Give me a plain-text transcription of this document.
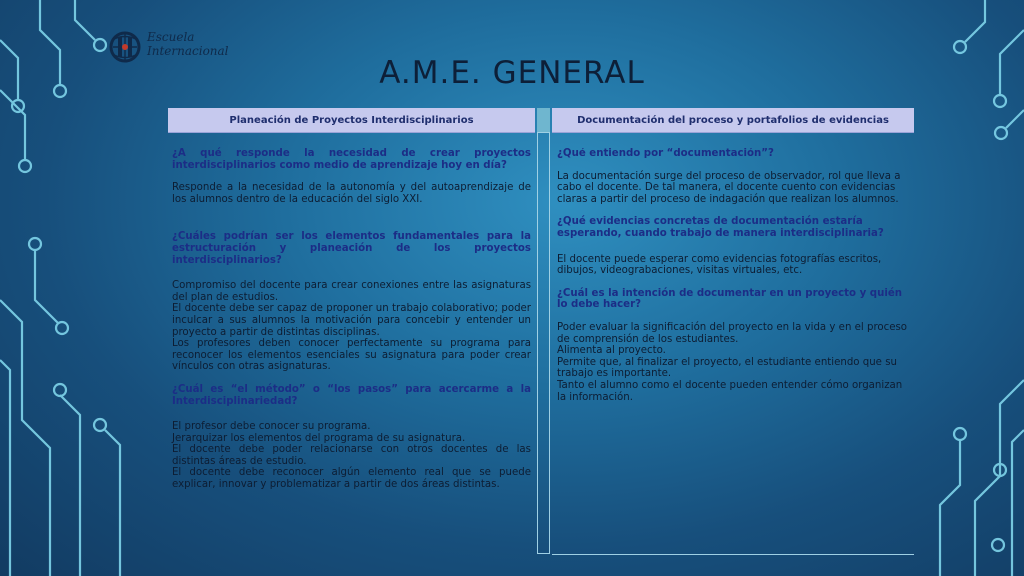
Escuela
Internacional
A.M.E. GENERAL
Planeación de Proyectos Interdisciplinarios	Documentación del proceso y portafolios de evidencias

¿A qué responde la necesidad de crear proyectos interdisciplinarios como medio de aprendizaje hoy en día?

Responde a la necesidad de la autonomía y del autoaprendizaje de los alumnos dentro de la educación del siglo XXI.

¿Cuáles podrían ser los elementos fundamentales para la estructuración y planeación de los proyectos interdisciplinarios?

Compromiso del docente para crear conexiones entre las asignaturas del plan de estudios.

El docente debe ser capaz de proponer un trabajo colaborativo; poder inculcar a sus alumnos la motivación para concebir y entender un proyecto a partir de distintas disciplinas.

Los profesores deben conocer perfectamente su programa para reconocer los elementos esenciales su asignatura para poder crear vínculos con otras asignaturas.

¿Cuál es “el método” o “los pasos” para acercarme a la Interdisciplinariedad?

El profesor debe conocer su programa.

Jerarquizar los elementos del programa de su asignatura.

El docente debe poder relacionarse con otros docentes de las distintas áreas de estudio.

El docente debe reconocer algún elemento real que se puede explicar, innovar y problematizar a partir de dos áreas distintas.

¿Qué entiendo por “documentación”?

La documentación surge del proceso de observador, rol que lleva a cabo el docente. De tal manera, el docente cuento con evidencias claras a partir del proceso de indagación que realizan los alumnos.

¿Qué evidencias concretas de documentación estaría esperando, cuando trabajo de manera interdisciplinaria?

El docente puede esperar como evidencias fotografías escritos, dibujos, videograbaciones, visitas virtuales, etc.

¿Cuál es la intención de documentar en un proyecto y quién lo debe hacer?

Poder evaluar la significación del proyecto en la vida y en el proceso de comprensión de los estudiantes.

Alimenta al proyecto.

Permite que, al finalizar el proyecto, el estudiante entiendo que su trabajo es importante.

Tanto el alumno como el docente pueden entender cómo organizan la información.
